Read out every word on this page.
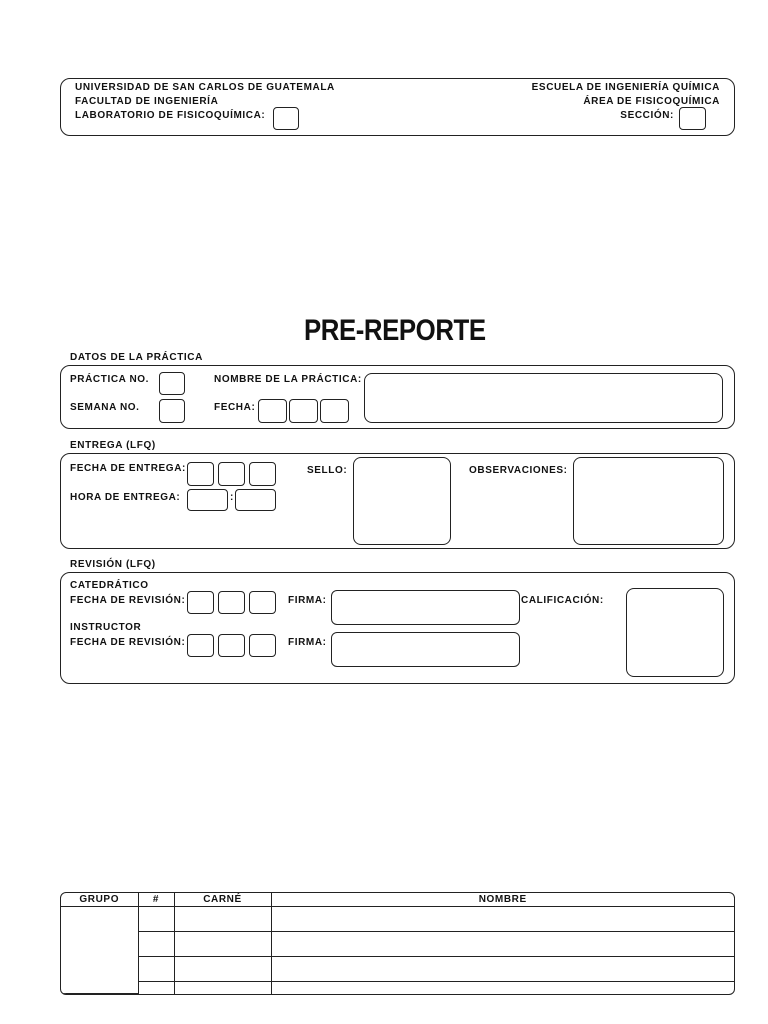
UNIVERSIDAD DE SAN CARLOS DE GUATEMALA
FACULTAD DE INGENIERÍA
LABORATORIO DE FISICOQUÍMICA:
ESCUELA DE INGENIERÍA QUÍMICA
ÁREA DE FISICOQUÍMICA
SECCIÓN:
PRE-REPORTE
DATOS DE LA PRÁCTICA
PRÁCTICA NO.
SEMANA NO.
NOMBRE DE LA PRÁCTICA:
FECHA:
ENTREGA (LFQ)
FECHA DE ENTREGA:
HORA DE ENTREGA:	:
SELLO:	OBSERVACIONES:
REVISIÓN (LFQ)
CATEDRÁTICO
FECHA DE REVISIÓN:	FIRMA:	CALIFICACIÓN:
INSTRUCTOR
FECHA DE REVISIÓN:	FIRMA:
GRUPO	#	CARNÉ	NOMBRE
